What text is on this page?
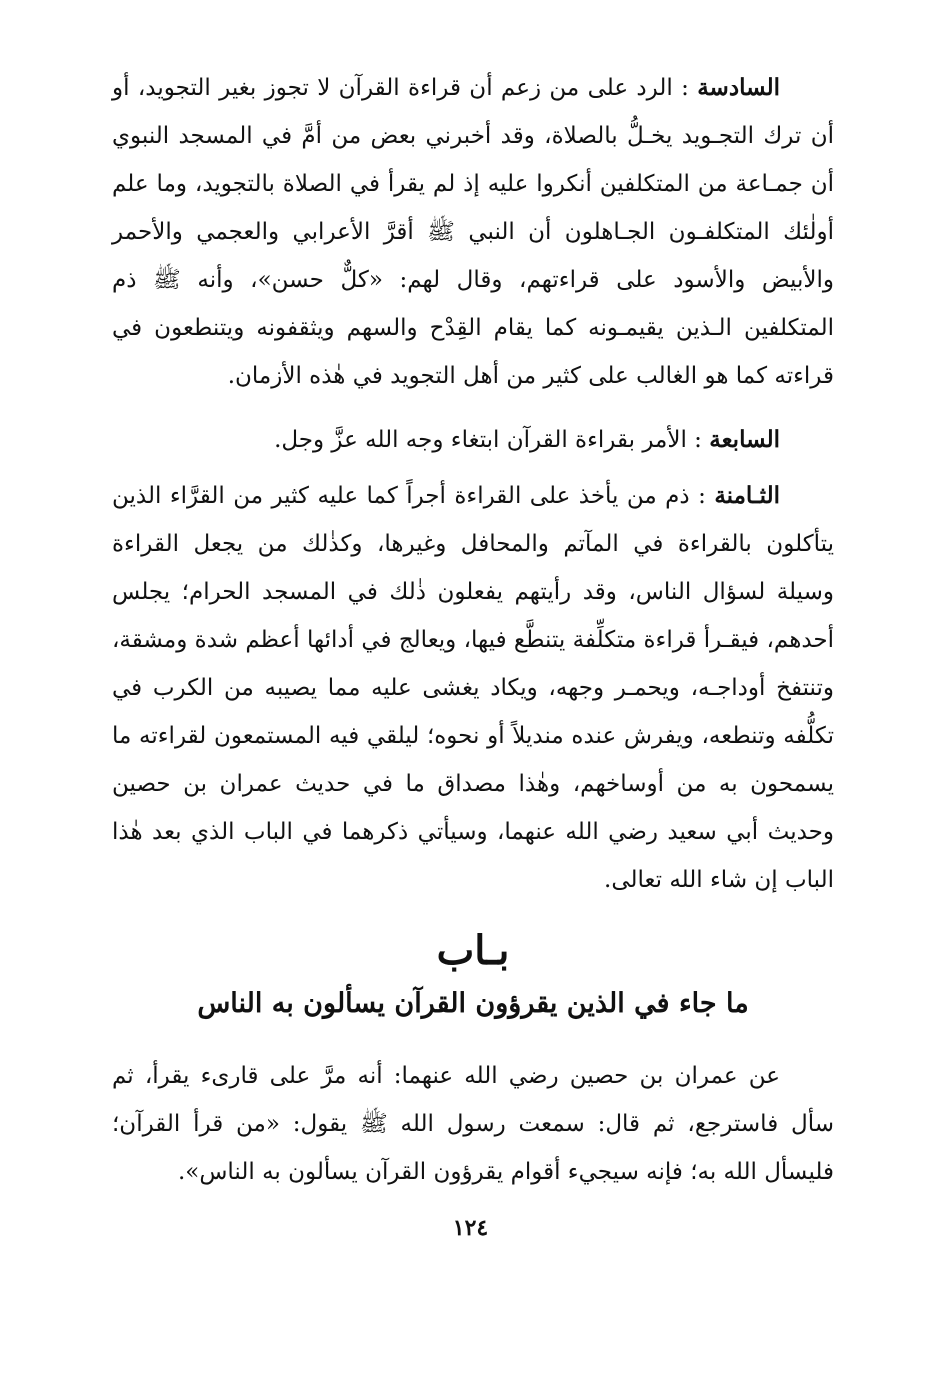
السادسة : الرد على من زعم أن قراءة القرآن لا تجوز بغير التجويد، أو أن ترك التجـويد يخـلُّ بالصلاة، وقد أخبرني بعض من أمَّ في المسجد النبوي أن جمـاعة من المتكلفين أنكروا عليه إذ لم يقرأ في الصلاة بالتجويد، وما علم أولٰئك المتكلفـون الجـاهلون أن النبي ﷺ أقرَّ الأعرابي والعجمي والأحمر والأبيض والأسود على قراءتهم، وقال لهم: «كلٌّ حسن»، وأنه ﷺ ذم المتكلفين الـذين يقيمـونه كما يقام القِدْح والسهم ويثقفونه ويتنطعون في قراءته كما هو الغالب على كثير من أهل التجويد في هٰذه الأزمان.

السابعة : الأمر بقراءة القرآن ابتغاء وجه الله عزَّ وجل.

الثـامنة : ذم من يأخذ على القراءة أجراً كما عليه كثير من القرَّاء الذين يتأكلون بالقراءة في المآتم والمحافل وغيرها، وكذٰلك من يجعل القراءة وسيلة لسؤال الناس، وقد رأيتهم يفعلون ذٰلك في المسجد الحرام؛ يجلس أحدهم، فيقـرأ قراءة متكلِّفة يتنطَّع فيها، ويعالج في أدائها أعظم شدة ومشقة، وتنتفخ أوداجـه، ويحمـر وجهه، ويكاد يغشى عليه مما يصيبه من الكرب في تكلُّفه وتنطعه، ويفرش عنده منديلاً أو نحوه؛ ليلقي فيه المستمعون لقراءته ما يسمحون به من أوساخهم، وهٰذا مصداق ما في حديث عمران بن حصين وحديث أبي سعيد رضي الله عنهما، وسيأتي ذكرهما في الباب الذي بعد هٰذا الباب إن شاء الله تعالى.

بـاب
ما جاء في الذين يقرؤون القرآن يسألون به الناس

عن عمران بن حصين رضي الله عنهما: أنه مرَّ على قارىء يقرأ، ثم سأل فاسترجع، ثم قال: سمعت رسول الله ﷺ يقول: «من قرأ القرآن؛ فليسأل الله به؛ فإنه سيجيء أقوام يقرؤون القرآن يسألون به الناس».

١٢٤
